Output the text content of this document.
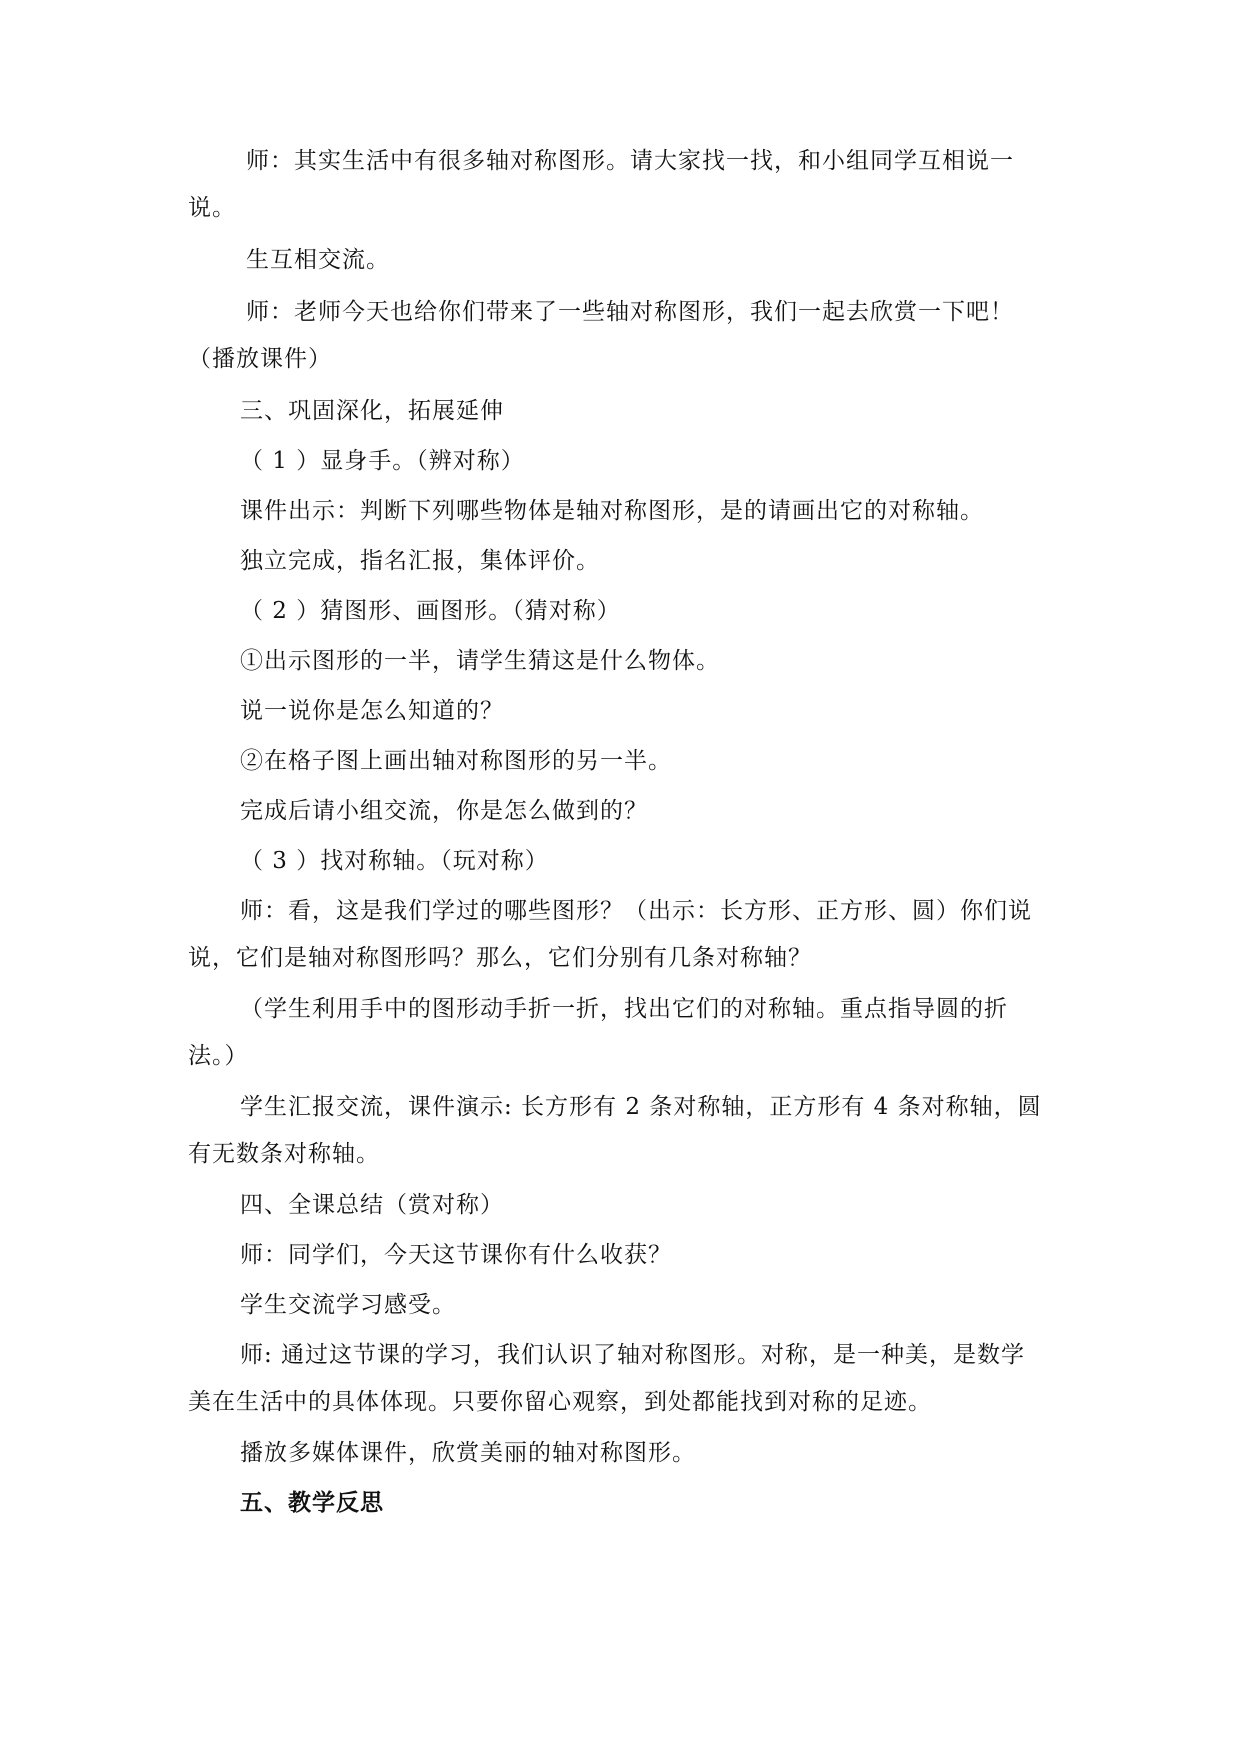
师：其实生活中有很多轴对称图形。请大家找一找，和小组同学互相说一
说。
生互相交流。
师：老师今天也给你们带来了一些轴对称图形，我们一起去欣赏一下吧！
（播放课件）
三、巩固深化，拓展延伸
（ 1 ）显身手。（辨对称）
课件出示：判断下列哪些物体是轴对称图形，是的请画出它的对称轴。
独立完成，指名汇报，集体评价。
（ 2 ）猜图形、画图形。（猜对称）
①出示图形的一半，请学生猜这是什么物体。
说一说你是怎么知道的？
②在格子图上画出轴对称图形的另一半。
完成后请小组交流，你是怎么做到的？
（ 3 ）找对称轴。（玩对称）
师：看，这是我们学过的哪些图形？（出示：长方形、正方形、圆）你们说
说，它们是轴对称图形吗？那么，它们分别有几条对称轴？
（学生利用手中的图形动手折一折，找出它们的对称轴。重点指导圆的折
法。）
学生汇报交流，课件演示: 长方形有 2 条对称轴，正方形有 4 条对称轴，圆
有无数条对称轴。
四、全课总结（赏对称）
师：同学们，今天这节课你有什么收获？
学生交流学习感受。
师: 通过这节课的学习，我们认识了轴对称图形。对称，是一种美，是数学
美在生活中的具体体现。只要你留心观察，到处都能找到对称的足迹。
播放多媒体课件，欣赏美丽的轴对称图形。
五、教学反思
